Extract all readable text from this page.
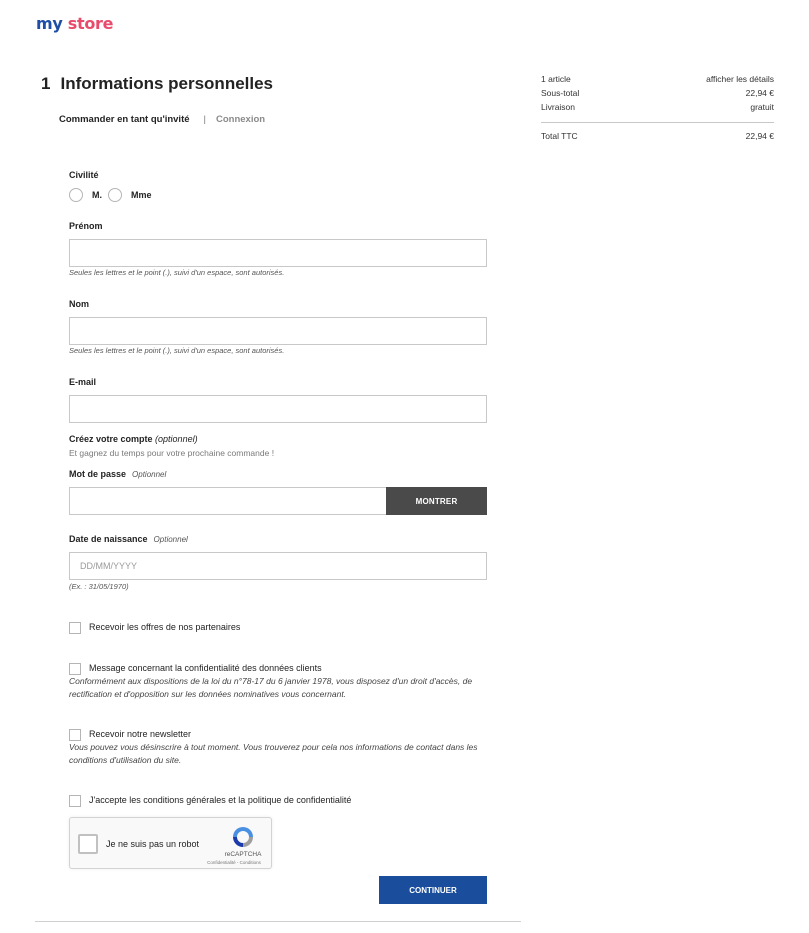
my store
1 Informations personnelles
Commander en tant qu'invité | Connexion
Civilité
M.	Mme
Prénom
Seules les lettres et le point (.), suivi d'un espace, sont autorisés.
Nom
Seules les lettres et le point (.), suivi d'un espace, sont autorisés.
E-mail
Créez votre compte (optionnel)
Et gagnez du temps pour votre prochaine commande !
Mot de passe Optionnel
MONTRER
Date de naissance Optionnel
DD/MM/YYYY
(Ex. : 31/05/1970)
Recevoir les offres de nos partenaires
Message concernant la confidentialité des données clients
Conformément aux dispositions de la loi du n°78-17 du 6 janvier 1978, vous disposez d'un droit d'accès, de rectification et d'opposition sur les données nominatives vous concernant.
Recevoir notre newsletter
Vous pouvez vous désinscrire à tout moment. Vous trouverez pour cela nos informations de contact dans les conditions d'utilisation du site.
J'accepte les conditions générales et la politique de confidentialité
Je ne suis pas un robot
reCAPTCHA
Confidentialité - Conditions
CONTINUER
1 article	afficher les détails
Sous-total	22,94 €
Livraison	gratuit
Total TTC	22,94 €
